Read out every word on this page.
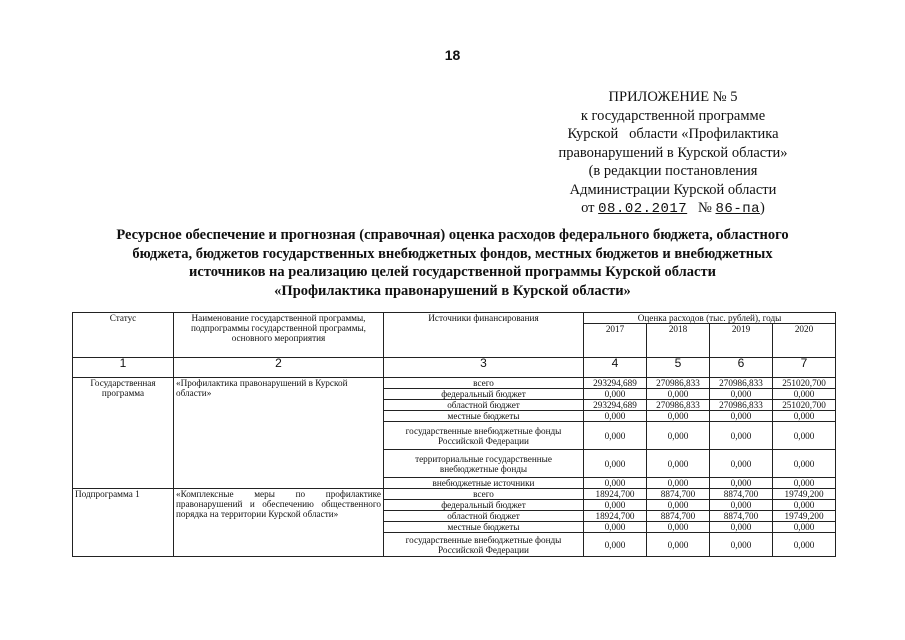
18
ПРИЛОЖЕНИЕ № 5
к государственной программе
Курской   области «Профилактика
правонарушений в Курской области»
(в редакции постановления
Администрации Курской области
от 08.02.2017 № 86-па)
Ресурсное обеспечение и прогнозная (справочная) оценка расходов федерального бюджета, областного
бюджета, бюджетов государственных внебюджетных фондов, местных бюджетов и внебюджетных
источников на реализацию целей государственной программы Курской области
«Профилактика правонарушений в Курской области»
Статус	Наименование государственной программы, подпрограммы государственной программы, основного мероприятия	Источники финансирования	Оценка расходов (тыс. рублей), годы			
			2017	2018	2019	2020
1	2	3	4	5	6	7
Государственная программа	«Профилактика правонарушений в Курской области»	всего	293294,689	270986,833	270986,833	251020,700
		федеральный бюджет	0,000	0,000	0,000	0,000
		областной бюджет	293294,689	270986,833	270986,833	251020,700
		местные бюджеты	0,000	0,000	0,000	0,000
		государственные внебюджетные фонды Российской Федерации	0,000	0,000	0,000	0,000
		территориальные государственные внебюджетные фонды	0,000	0,000	0,000	0,000
		внебюджетные источники	0,000	0,000	0,000	0,000
Подпрограмма 1	«Комплексные меры по профилактике правонарушений и обеспечению общественного порядка на территории Курской области»	всего	18924,700	8874,700	8874,700	19749,200
		федеральный бюджет	0,000	0,000	0,000	0,000
		областной бюджет	18924,700	8874,700	8874,700	19749,200
		местные бюджеты	0,000	0,000	0,000	0,000
		государственные внебюджетные фонды Российской Федерации	0,000	0,000	0,000	0,000
